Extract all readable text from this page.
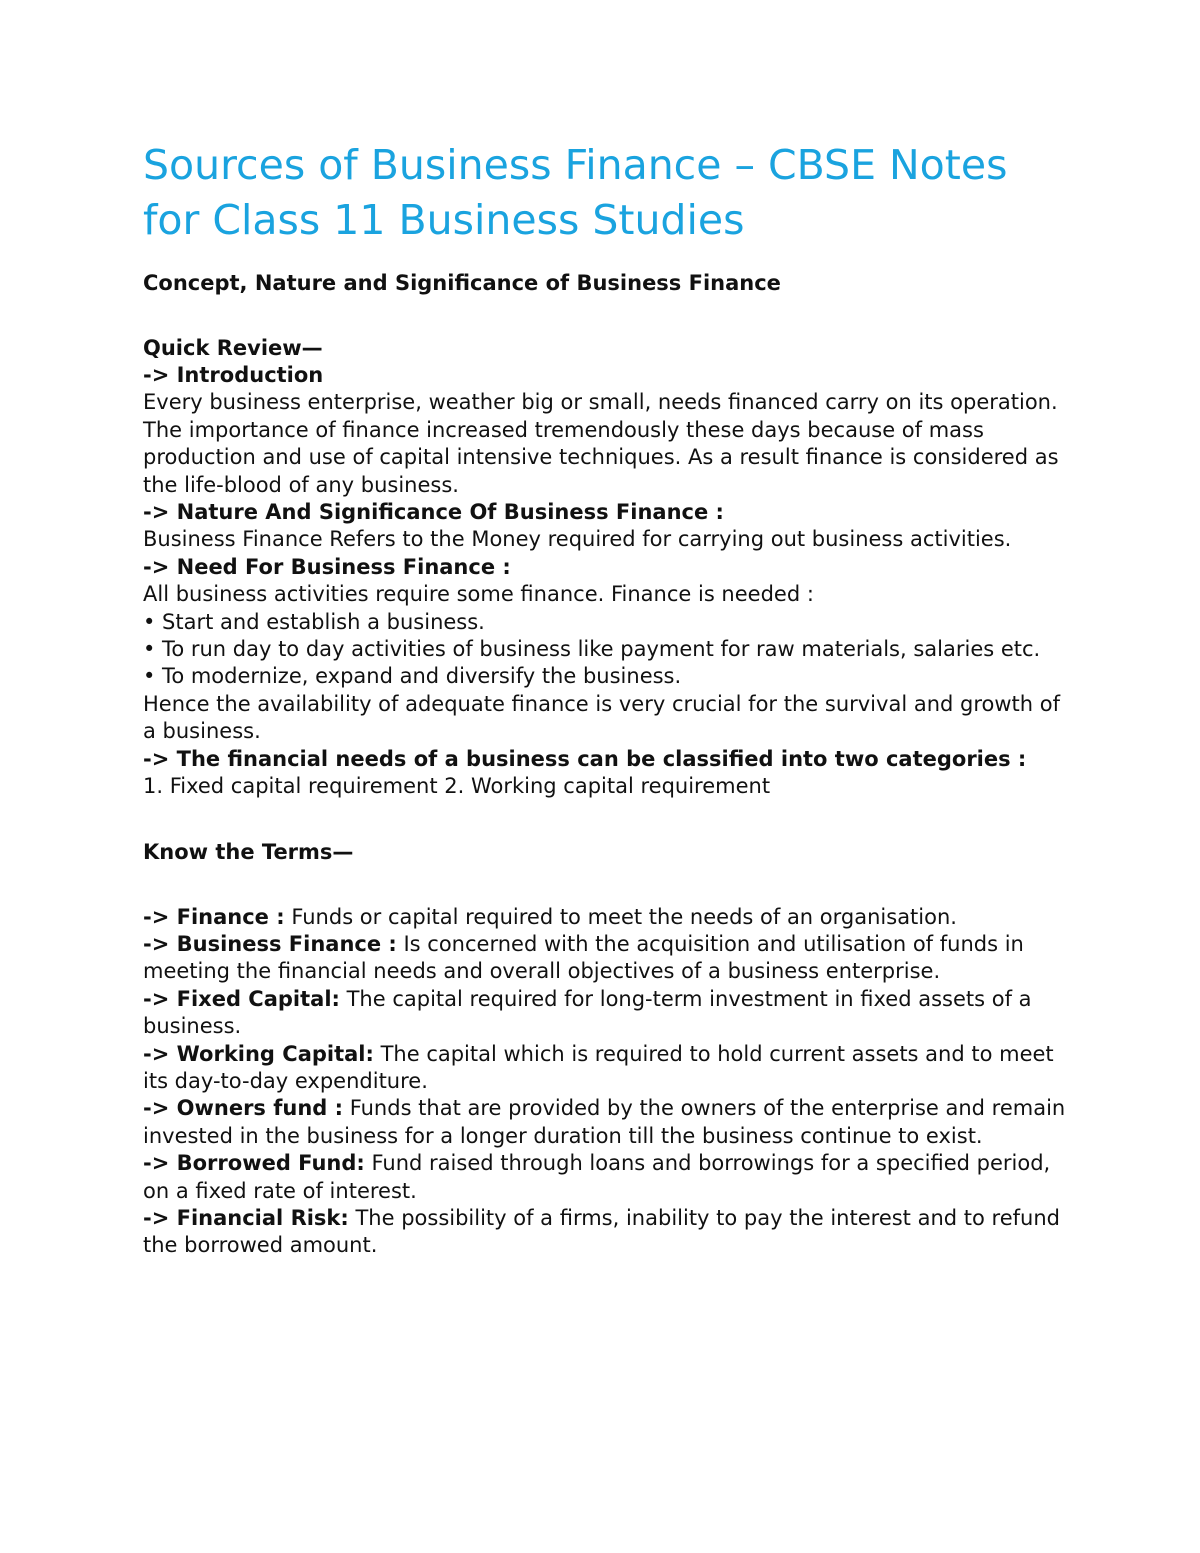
Sources of Business Finance – CBSE Notes for Class 11 Business Studies
Concept, Nature and Significance of Business Finance
Quick Review—

-> Introduction

Every business enterprise, weather big or small, needs financed carry on its operation. The importance of finance increased tremendously these days because of mass production and use of capital intensive techniques. As a result finance is considered as the life-blood of any business.

-> Nature And Significance Of Business Finance :

Business Finance Refers to the Money required for carrying out business activities.

-> Need For Business Finance :

All business activities require some finance. Finance is needed :

• Start and establish a business.

• To run day to day activities of business like payment for raw materials, salaries etc.

• To modernize, expand and diversify the business.

Hence the availability of adequate finance is very crucial for the survival and growth of a business.

-> The financial needs of a business can be classified into two categories :

1. Fixed capital requirement 2. Working capital requirement

Know the Terms—

-> Finance : Funds or capital required to meet the needs of an organisation.

-> Business Finance : Is concerned with the acquisition and utilisation of funds in meeting the financial needs and overall objectives of a business enterprise.

-> Fixed Capital: The capital required for long-term investment in fixed assets of a business.

-> Working Capital: The capital which is required to hold current assets and to meet its day-to-day expenditure.

-> Owners fund : Funds that are provided by the owners of the enterprise and remain invested in the business for a longer duration till the business continue to exist.

-> Borrowed Fund: Fund raised through loans and borrowings for a specified period, on a fixed rate of interest.

-> Financial Risk: The possibility of a firms, inability to pay the interest and to refund the borrowed amount.
